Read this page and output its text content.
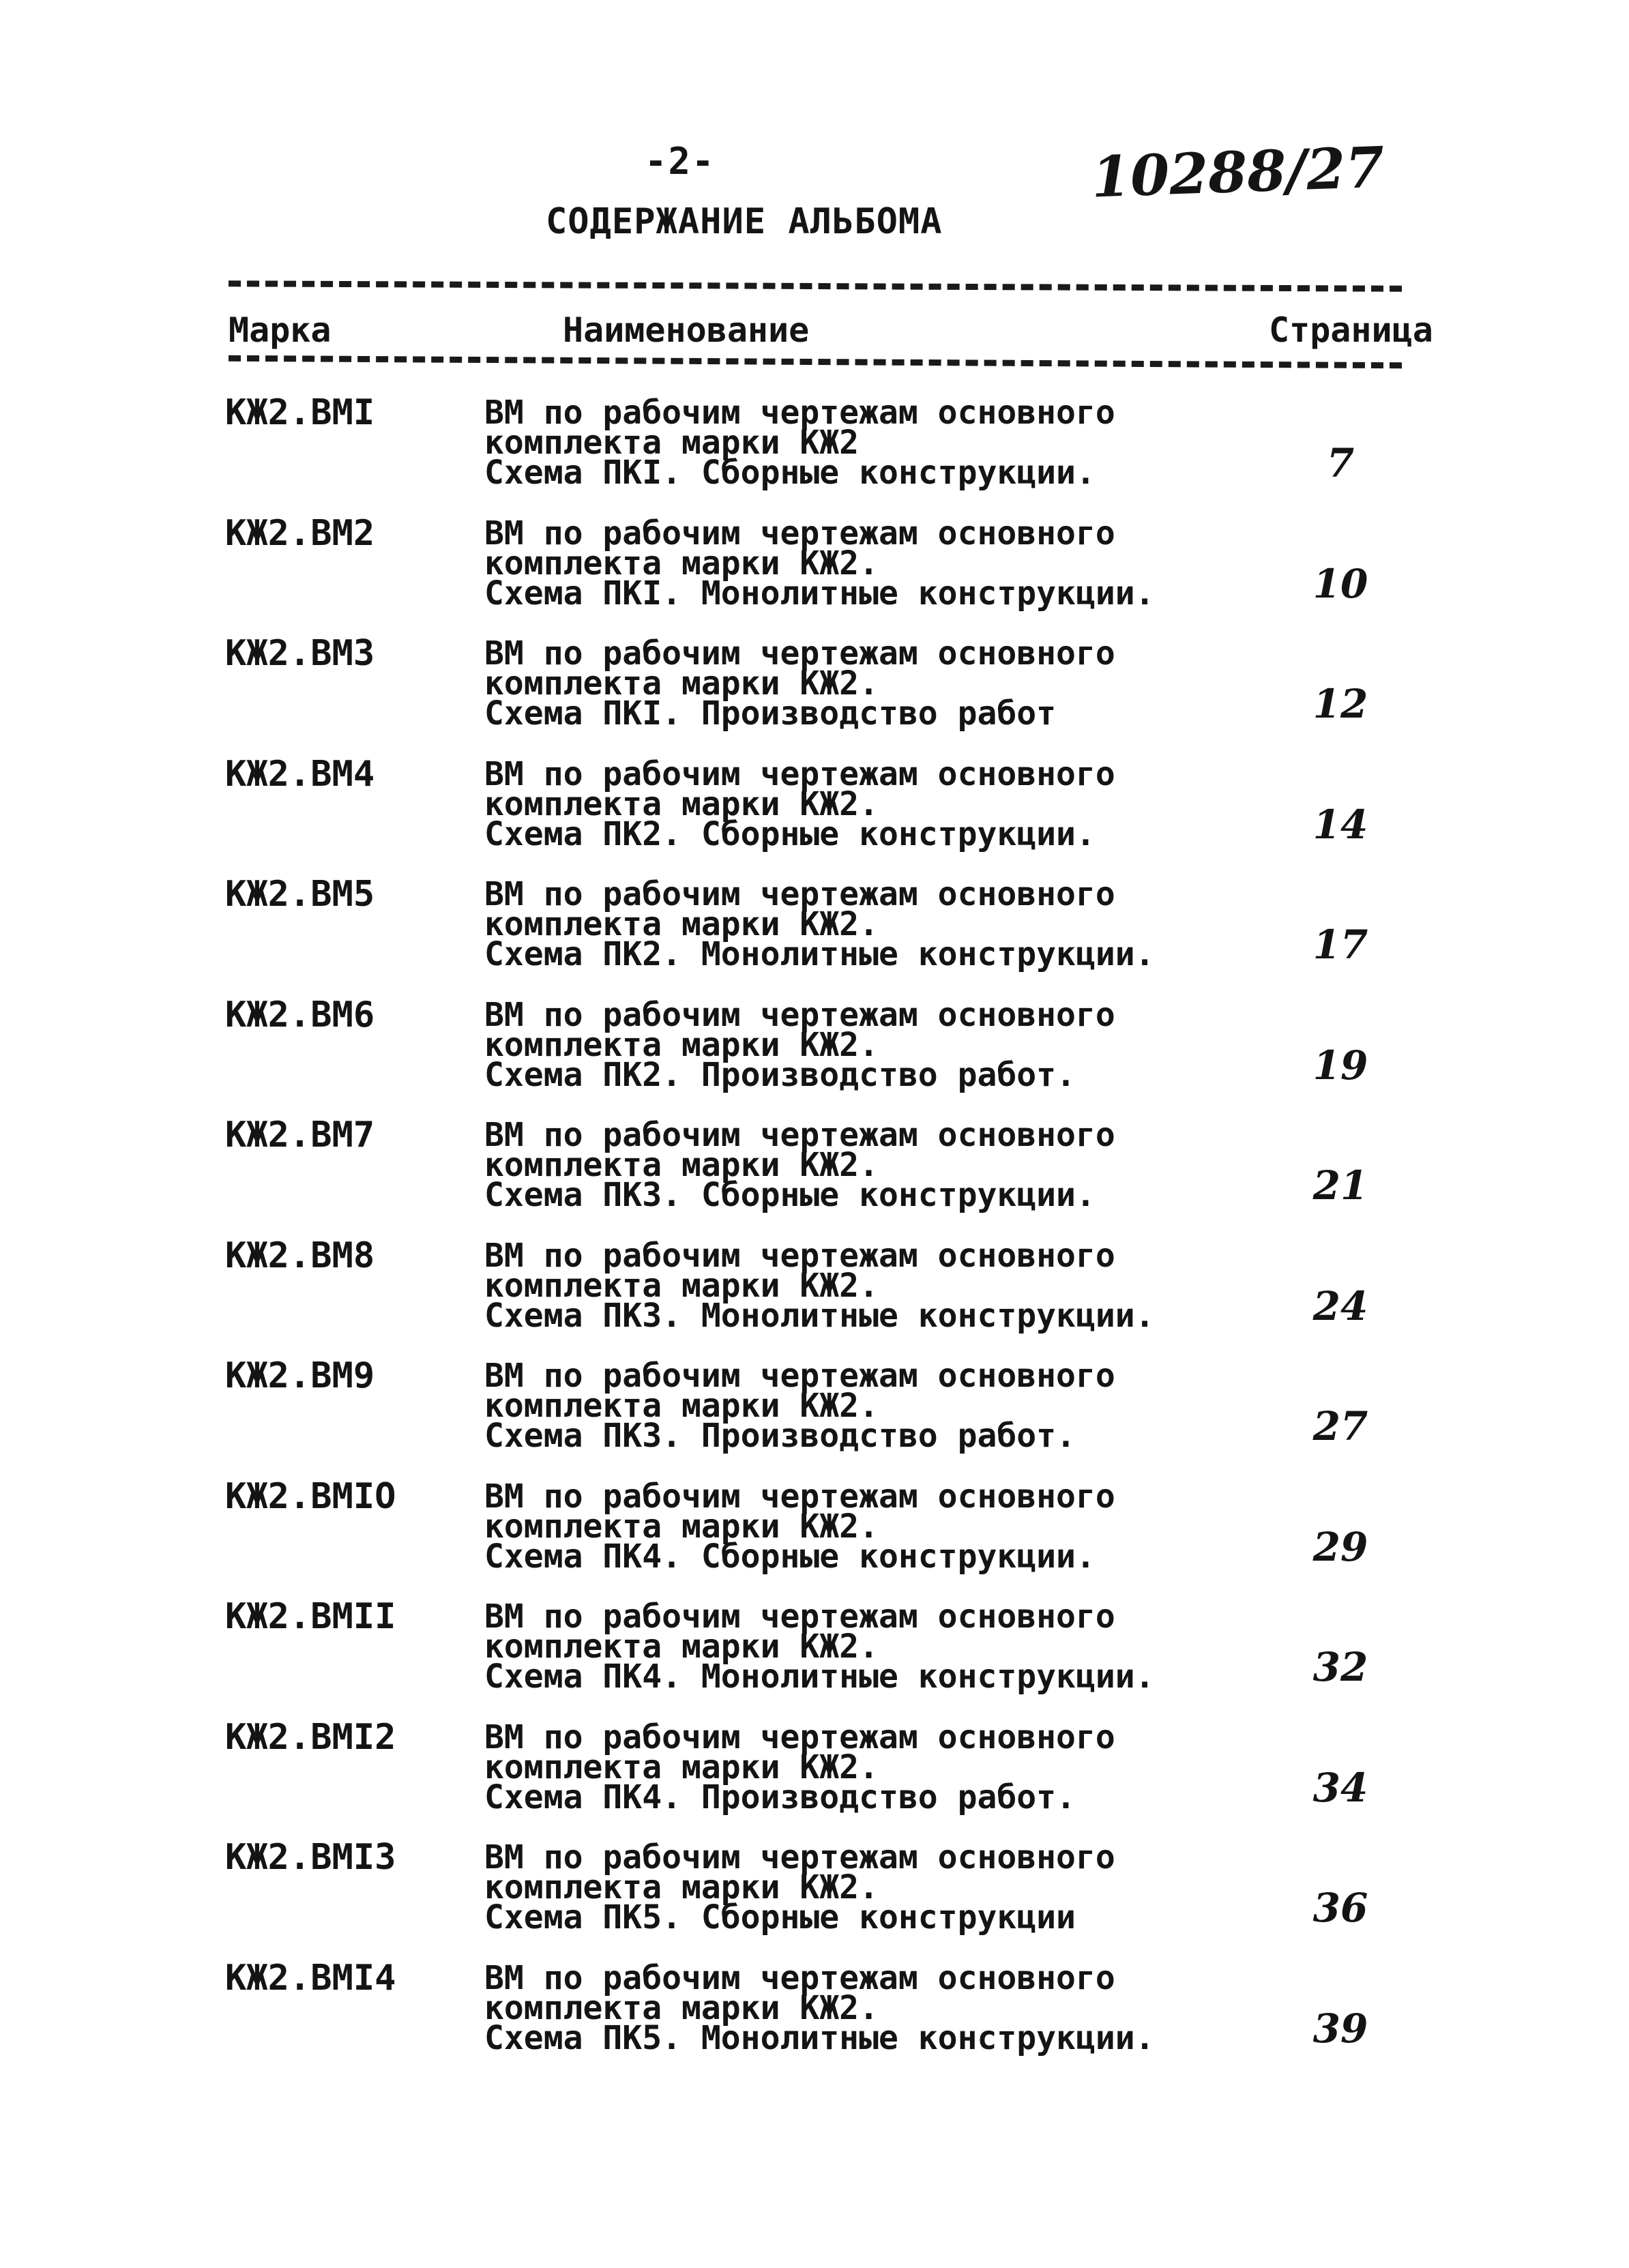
-2-	10288/27
СОДЕРЖАНИЕ АЛЬБОМА
Марка	Наименование	Страница
КЖ2.ВМI	ВМ по рабочим чертежам основного
комплекта марки КЖ2
Схема ПКI. Сборные конструкции.	7
КЖ2.ВМ2	ВМ по рабочим чертежам основного
комплекта марки КЖ2.
Схема ПКI. Монолитные конструкции.	10
КЖ2.ВМ3	ВМ по рабочим чертежам основного
комплекта марки КЖ2.
Схема ПКI. Производство работ	12
КЖ2.ВМ4	ВМ по рабочим чертежам основного
комплекта марки КЖ2.
Схема ПК2. Сборные конструкции.	14
КЖ2.ВМ5	ВМ по рабочим чертежам основного
комплекта марки КЖ2.
Схема ПК2. Монолитные конструкции.	17
КЖ2.ВМ6	ВМ по рабочим чертежам основного
комплекта марки КЖ2.
Схема ПК2. Производство работ.	19
КЖ2.ВМ7	ВМ по рабочим чертежам основного
комплекта марки КЖ2.
Схема ПК3. Сборные конструкции.	21
КЖ2.ВМ8	ВМ по рабочим чертежам основного
комплекта марки КЖ2.
Схема ПК3. Монолитные конструкции.	24
КЖ2.ВМ9	ВМ по рабочим чертежам основного
комплекта марки КЖ2.
Схема ПК3. Производство работ.	27
КЖ2.ВМIO	ВМ по рабочим чертежам основного
комплекта марки КЖ2.
Схема ПК4. Сборные конструкции.	29
КЖ2.ВМII	ВМ по рабочим чертежам основного
комплекта марки КЖ2.
Схема ПК4. Монолитные конструкции.	32
КЖ2.ВМI2	ВМ по рабочим чертежам основного
комплекта марки КЖ2.
Схема ПК4. Производство работ.	34
КЖ2.ВМI3	ВМ по рабочим чертежам основного
комплекта марки КЖ2.
Схема ПК5. Сборные конструкции	36
КЖ2.ВМI4	ВМ по рабочим чертежам основного
комплекта марки КЖ2.
Схема ПК5. Монолитные конструкции.	39
